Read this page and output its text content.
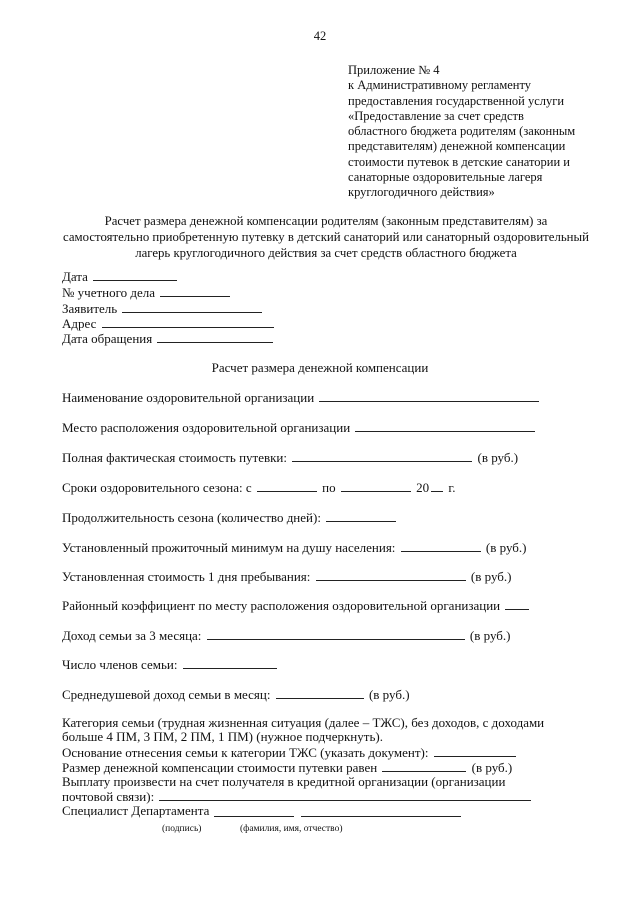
42
Приложение № 4
к Административному регламенту
предоставления государственной услуги
«Предоставление за счет средств
областного бюджета родителям (законным
представителям) денежной компенсации
стоимости путевок в детские санатории и
санаторные оздоровительные лагеря
круглогодичного действия»
Расчет размера денежной компенсации родителям (законным представителям) за
самостоятельно приобретенную путевку в детский санаторий или санаторный оздоровительный
лагерь круглогодичного действия за счет средств областного бюджета
Дата
№ учетного дела
Заявитель
Адрес
Дата обращения
Расчет размера денежной компенсации
Наименование оздоровительной организации
Место расположения оздоровительной организации
Полная фактическая стоимость путевки:	(в руб.)
Сроки оздоровительного сезона: с	по	20 г.
Продолжительность сезона (количество дней):
Установленный прожиточный минимум на душу населения:	(в руб.)
Установленная стоимость 1 дня пребывания:	(в руб.)
Районный коэффициент по месту расположения оздоровительной организации
Доход семьи за 3 месяца:	(в руб.)
Число членов семьи:
Среднедушевой доход семьи в месяц:	(в руб.)
Категория семьи (трудная жизненная ситуация (далее – ТЖС), без доходов, с доходами
больше 4 ПМ, 3 ПМ, 2 ПМ, 1 ПМ) (нужное подчеркнуть).
Основание отнесения семьи к категории ТЖС (указать документ):
Размер денежной компенсации стоимости путевки равен	(в руб.)
Выплату произвести на счет получателя в кредитной организации (организации
почтовой связи):
Специалист Департамента
(подпись)	(фамилия, имя, отчество)
